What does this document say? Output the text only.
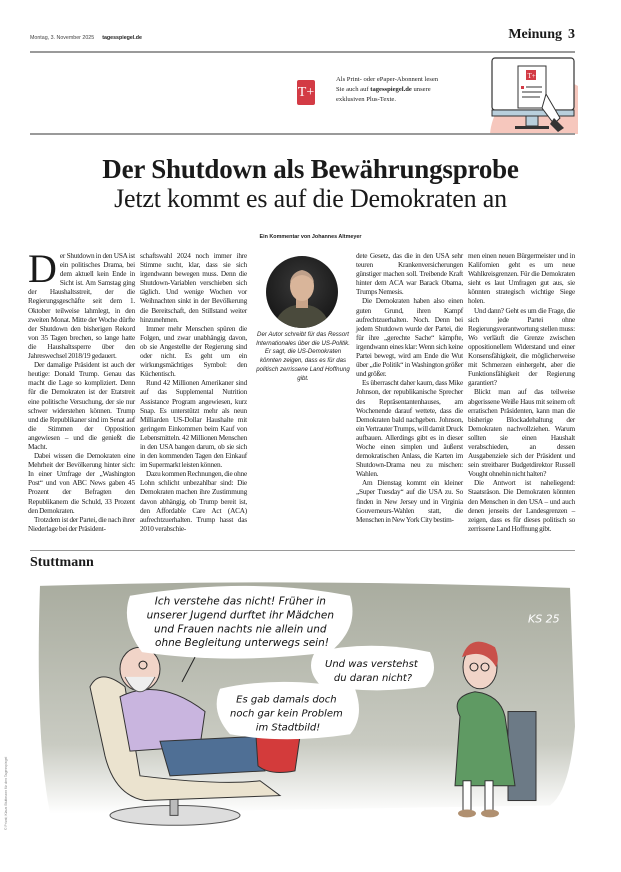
Montag, 3. November 2025 tagesspiegel.de	Meinung 3
T+
Als Print- oder ePaper-Abonnent lesen
Sie auch auf tagesspiegel.de unsere
exklusiven Plus-Texte.
T+
Der Shutdown als Bewährungsprobe
Jetzt kommt es auf die Demokraten an
Ein Kommentar von Johannes Altmeyer
D er Shutdown in den USA ist ein politisches Drama, bei dem aktuell kein Ende in Sicht ist. Am Samstag ging der Haushaltsstreit, der die Regierungsgeschäfte seit dem 1. Oktober teilweise lahmlegt, in den zweiten Monat. Mitte der Woche dürfte der Shutdown den bisherigen Rekord von 35 Tagen brechen, so lange hatte die Haushaltssperre über den Jahreswechsel 2018/19 gedauert.

Der damalige Präsident ist auch der heutige: Donald Trump. Genau das macht die Lage so kompliziert. Denn für die Demokraten ist der Etatstreit eine politische Versuchung, der sie nur schwer widerstehen können. Trump und die Republikaner sind im Senat auf die Stimmen der Opposition angewiesen – und die genießt die Macht.

Dabei wissen die Demokraten eine Mehrheit der Bevölkerung hinter sich: In einer Umfrage der „Washington Post“ und von ABC News gaben 45 Prozent der Befragten den Republikanern die Schuld, 33 Prozent den Demokraten.

Trotzdem ist der Partei, die nach ihrer Niederlage bei der Präsident-

schaftswahl 2024 noch immer ihre Stimme sucht, klar, dass sie sich irgendwann bewegen muss. Denn die Shutdown-Variablen verschieben sich täglich. Und wenige Wochen vor Weihnachten sinkt in der Bevölkerung die Bereitschaft, den Stillstand weiter hinzunehmen.

Immer mehr Menschen spüren die Folgen, und zwar unabhängig davon, ob sie Angestellte der Regierung sind oder nicht. Es geht um ein wirkungsmächtiges Symbol: den Küchentisch.

Rund 42 Millionen Amerikaner sind auf das Supplemental Nutrition Assistance Program angewiesen, kurz Snap. Es unterstützt mehr als neun Milliarden US-Dollar Haushalte mit geringem Einkommen beim Kauf von Lebensmitteln. 42 Millionen Menschen in den USA bangen darum, ob sie sich in den kommenden Tagen den Einkauf im Supermarkt leisten können.

Dazu kommen Rechnungen, die ohne Lohn schlicht unbezahlbar sind: Die Demokraten machen ihre Zustimmung davon abhängig, ob Trump bereit ist, den Affordable Care Act (ACA) aufrechtzuerhalten. Trump hasst das 2010 verabschie-

Der Autor schreibt für das Ressort Internationales über die US-Politik. Er sagt, die US-Demokraten könnten zeigen, dass es für das politisch zerrissene Land Hoffnung gibt.

dete Gesetz, das die in den USA sehr teuren Krankenversicherungen günstiger machen soll. Treibende Kraft hinter dem ACA war Barack Obama, Trumps Nemesis.

Die Demokraten haben also einen guten Grund, ihren Kampf aufrechtzuerhalten. Noch. Denn bei jedem Shutdown wurde der Partei, die für ihre „gerechte Sache“ kämpfte, irgendwann eines klar: Wenn sich keine Partei bewegt, wird am Ende die Wut über „die Politik“ in Washington größer und größer.

Es überrascht daher kaum, dass Mike Johnson, der republikanische Sprecher des Repräsentantenhauses, am Wochenende darauf wettete, dass die Demokraten bald nachgeben. Johnson, ein Vertrauter Trumps, will damit Druck aufbauen. Allerdings gibt es in dieser Woche einen simplen und äußerst demokratischen Anlass, die Karten im Shutdown-Drama neu zu mischen: Wahlen.

Am Dienstag kommt ein kleiner „Super Tuesday“ auf die USA zu. So finden in New Jersey und in Virginia Gouverneurs-Wahlen statt, die Menschen in New York City bestim-

men einen neuen Bürgermeister und in Kalifornien geht es um neue Wahlkreisgrenzen. Für die Demokraten sieht es laut Umfragen gut aus, sie könnten strategisch wichtige Siege holen.

Und dann? Geht es um die Frage, die sich jede Partei ohne Regierungsverantwortung stellen muss: Wo verläuft die Grenze zwischen oppositionellem Widerstand und einer Konsensfähigkeit, die möglicherweise mit Schmerzen einhergeht, aber die Funktionsfähigkeit der Regierung garantiert?

Blickt man auf das teilweise abgerissene Weiße Haus mit seinem oft erratischen Präsidenten, kann man die bisherige Blockadehaltung der Demokraten nachvollziehen. Warum sollten sie einen Haushalt verabschieden, an dessen Ausgabenziele sich der Präsident und sein streitbarer Budgetdirektor Russell Vought ohnehin nicht halten?

Die Antwort ist naheliegend: Staatsräson. Die Demokraten könnten den Menschen in den USA – und auch denen jenseits der Landesgrenzen – zeigen, dass es für dieses politisch so zerrissene Land Hoffnung gibt.

Stuttmann
Ich verstehe das nicht! Früher in unserer Jugend durftet ihr Mädchen und Frauen nachts nie allein und ohne Begleitung unterwegs sein!
Und was verstehst du daran nicht?
Es gab damals doch noch gar kein Problem im Stadtbild!
KS 25
© Privat; Klaus Stuttmann für den Tagesspiegel
